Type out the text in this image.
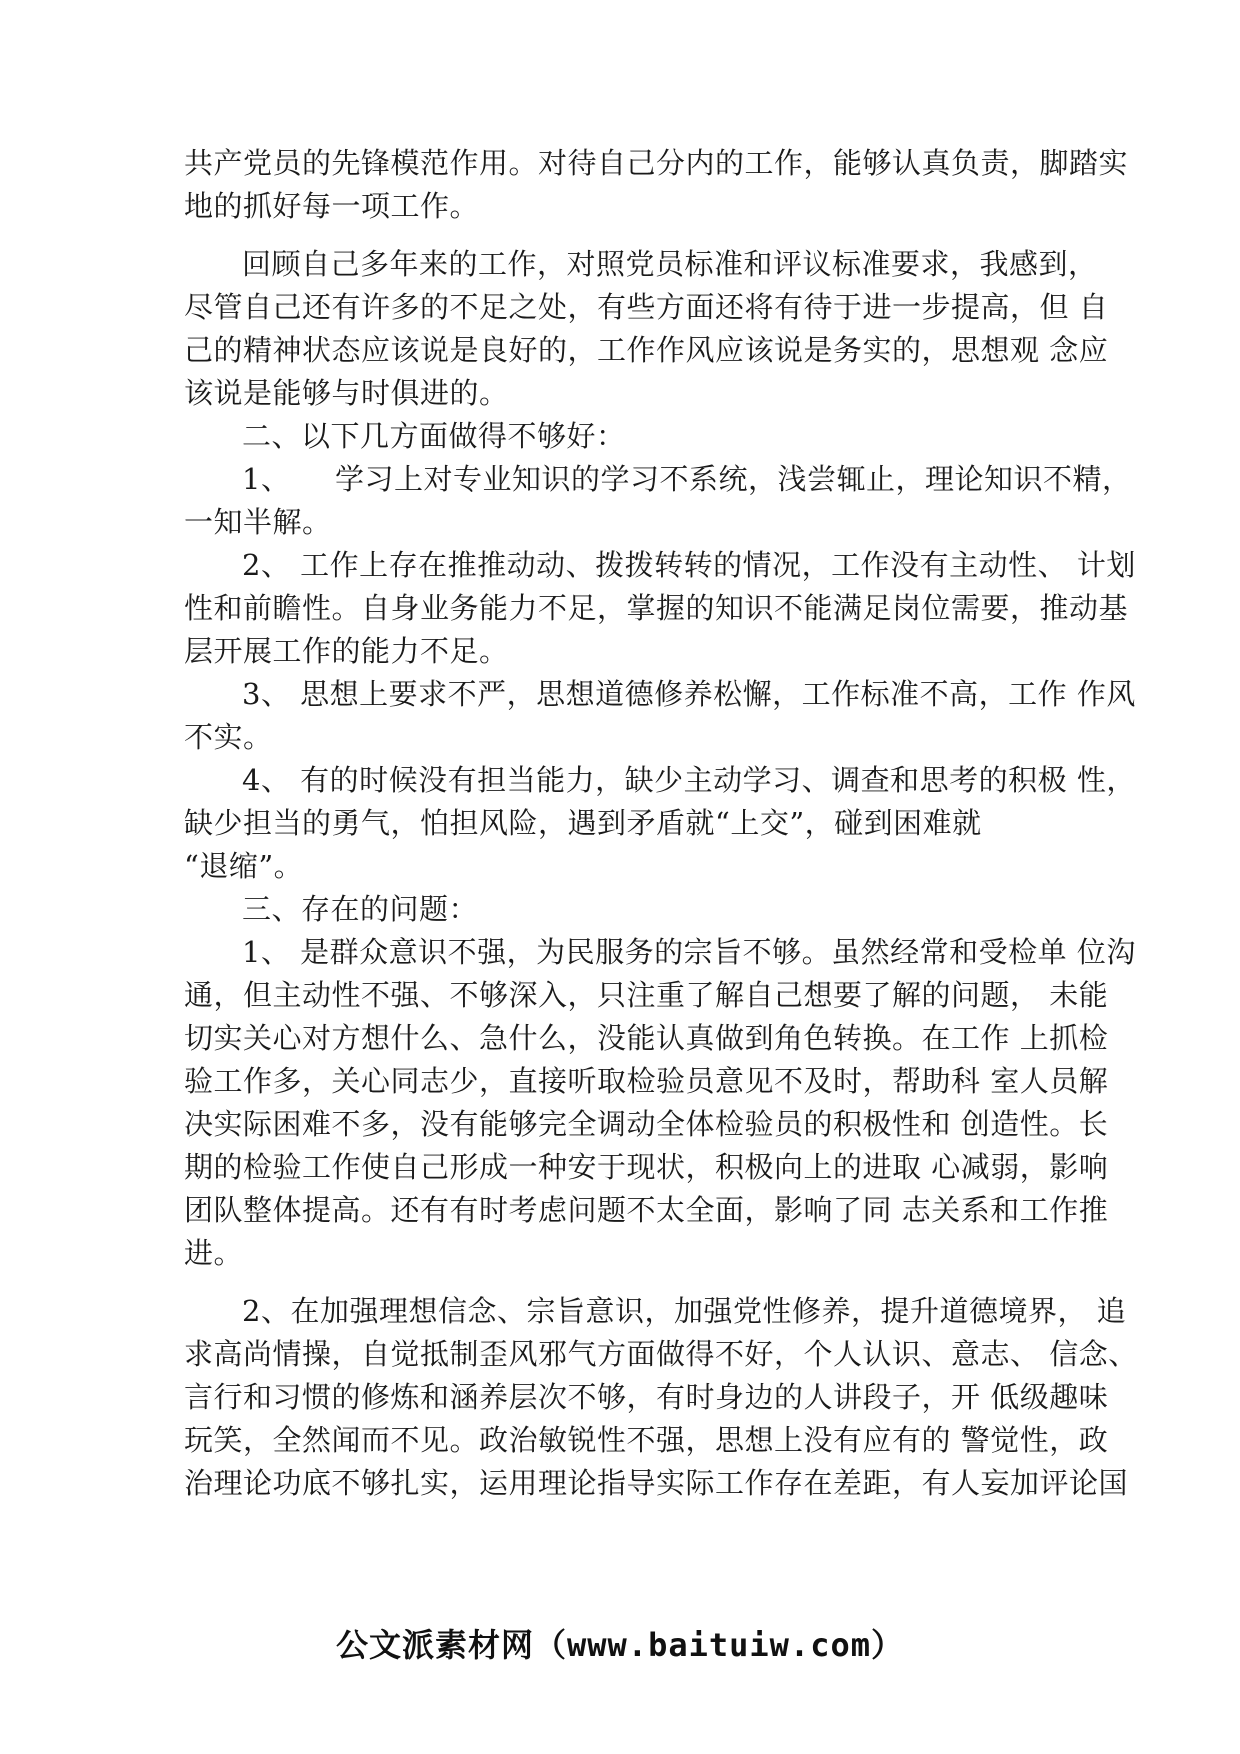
共产党员的先锋模范作用。对待自己分内的工作，能够认真负责，脚踏实
地的抓好每一项工作。
回顾自己多年来的工作，对照党员标准和评议标准要求，我感到，
尽管自己还有许多的不足之处，有些方面还将有待于进一步提高，但 自
己的精神状态应该说是良好的，工作作风应该说是务实的，思想观 念应
该说是能够与时俱进的。
二、以下几方面做得不够好：
1、　　学习上对专业知识的学习不系统，浅尝辄止，理论知识不精，
一知半解。
2、 工作上存在推推动动、拨拨转转的情况，工作没有主动性、 计划
性和前瞻性。自身业务能力不足，掌握的知识不能满足岗位需要，推动基
层开展工作的能力不足。
3、 思想上要求不严，思想道德修养松懈，工作标准不高，工作 作风
不实。
4、 有的时候没有担当能力，缺少主动学习、调查和思考的积极 性，
缺少担当的勇气，怕担风险，遇到矛盾就“上交”，碰到困难就
“退缩”。
三、存在的问题：
1、 是群众意识不强，为民服务的宗旨不够。虽然经常和受检单 位沟
通，但主动性不强、不够深入，只注重了解自己想要了解的问题， 未能
切实关心对方想什么、急什么，没能认真做到角色转换。在工作 上抓检
验工作多，关心同志少，直接听取检验员意见不及时，帮助科 室人员解
决实际困难不多，没有能够完全调动全体检验员的积极性和 创造性。长
期的检验工作使自己形成一种安于现状，积极向上的进取 心减弱，影响
团队整体提高。还有有时考虑问题不太全面，影响了同 志关系和工作推
进。
2、在加强理想信念、宗旨意识，加强党性修养，提升道德境界， 追
求高尚情操，自觉抵制歪风邪气方面做得不好，个人认识、意志、 信念、
言行和习惯的修炼和涵养层次不够，有时身边的人讲段子，开 低级趣味
玩笑，全然闻而不见。政治敏锐性不强，思想上没有应有的 警觉性，政
治理论功底不够扎实，运用理论指导实际工作存在差距，有人妄加评论国
公文派素材网（www.baituiw.com）
